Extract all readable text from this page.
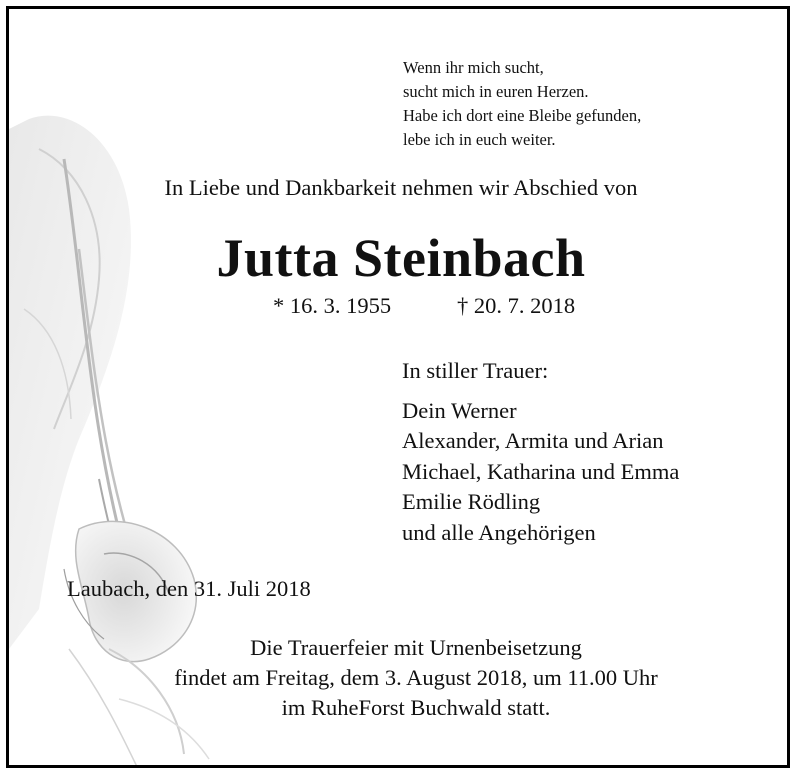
Wenn ihr mich sucht,
sucht mich in euren Herzen.
Habe ich dort eine Bleibe gefunden,
lebe ich in euch weiter.
In Liebe und Dankbarkeit nehmen wir Abschied von
Jutta Steinbach
* 16. 3. 1955	† 20. 7. 2018
In stiller Trauer:
Dein Werner
Alexander, Armita und Arian
Michael, Katharina und Emma
Emilie Rödling
und alle Angehörigen
Laubach, den 31. Juli 2018
Die Trauerfeier mit Urnenbeisetzung
findet am Freitag, dem 3. August 2018, um 11.00 Uhr
im RuheForst Buchwald statt.
